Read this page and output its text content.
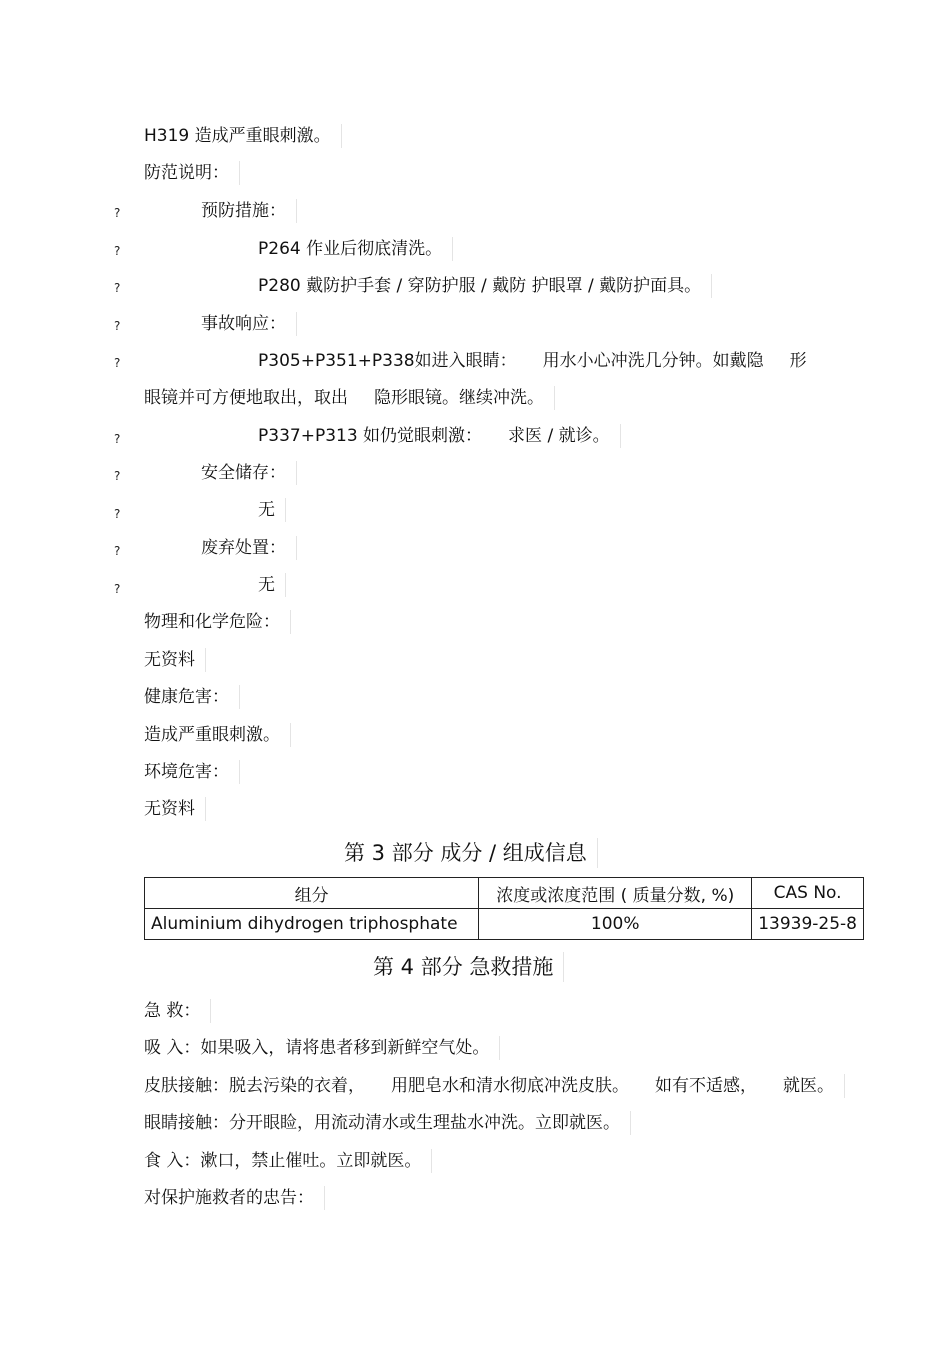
H319 造成严重眼刺激。
防范说明：
?	预防措施：
?	P264 作业后彻底清洗。
?	P280 戴防护手套 / 穿防护服 / 戴防 护眼罩 / 戴防护面具。
?	事故响应：
?	P305+P351+P338如进入眼睛： 用水小心冲洗几分钟。如戴隐 形
眼镜并可方便地取出，取出 隐形眼镜。继续冲洗。
?	P337+P313 如仍觉眼刺激： 求医 / 就诊。
?	安全储存：
?	无
?	废弃处置：
?	无
物理和化学危险：
无资料
健康危害：
造成严重眼刺激。
环境危害：
无资料
第 3 部分 成分 / 组成信息
组分	浓度或浓度范围 ( 质量分数, %)	CAS No.
Aluminium dihydrogen triphosphate	100%	13939-25-8
第 4 部分 急救措施
急 救：
吸 入：如果吸入，请将患者移到新鲜空气处。
皮肤接触：脱去污染的衣着， 用肥皂水和清水彻底冲洗皮肤。 如有不适感， 就医。
眼睛接触：分开眼睑，用流动清水或生理盐水冲洗。立即就医。
食 入：漱口，禁止催吐。立即就医。
对保护施救者的忠告：
